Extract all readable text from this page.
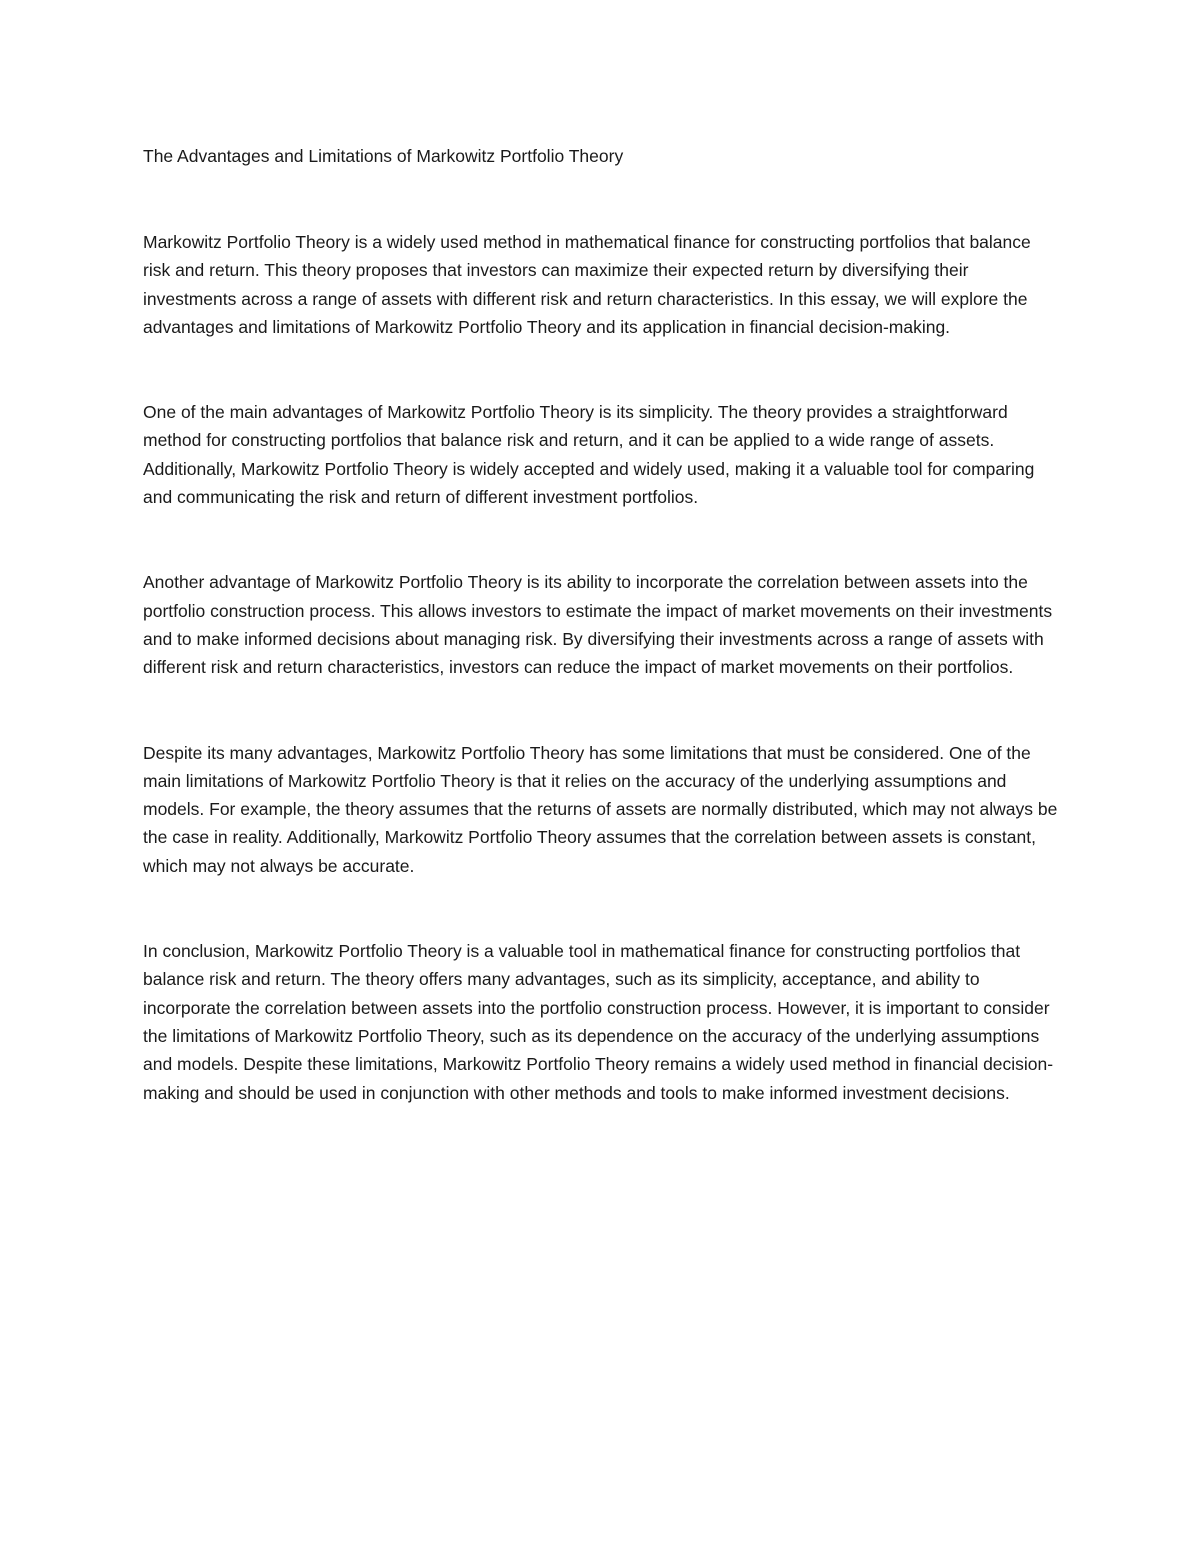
The Advantages and Limitations of Markowitz Portfolio Theory

Markowitz Portfolio Theory is a widely used method in mathematical finance for constructing portfolios that balance risk and return. This theory proposes that investors can maximize their expected return by diversifying their investments across a range of assets with different risk and return characteristics. In this essay, we will explore the advantages and limitations of Markowitz Portfolio Theory and its application in financial decision-making.

One of the main advantages of Markowitz Portfolio Theory is its simplicity. The theory provides a straightforward method for constructing portfolios that balance risk and return, and it can be applied to a wide range of assets. Additionally, Markowitz Portfolio Theory is widely accepted and widely used, making it a valuable tool for comparing and communicating the risk and return of different investment portfolios.

Another advantage of Markowitz Portfolio Theory is its ability to incorporate the correlation between assets into the portfolio construction process. This allows investors to estimate the impact of market movements on their investments and to make informed decisions about managing risk. By diversifying their investments across a range of assets with different risk and return characteristics, investors can reduce the impact of market movements on their portfolios.

Despite its many advantages, Markowitz Portfolio Theory has some limitations that must be considered. One of the main limitations of Markowitz Portfolio Theory is that it relies on the accuracy of the underlying assumptions and models. For example, the theory assumes that the returns of assets are normally distributed, which may not always be the case in reality. Additionally, Markowitz Portfolio Theory assumes that the correlation between assets is constant, which may not always be accurate.

In conclusion, Markowitz Portfolio Theory is a valuable tool in mathematical finance for constructing portfolios that balance risk and return. The theory offers many advantages, such as its simplicity, acceptance, and ability to incorporate the correlation between assets into the portfolio construction process. However, it is important to consider the limitations of Markowitz Portfolio Theory, such as its dependence on the accuracy of the underlying assumptions and models. Despite these limitations, Markowitz Portfolio Theory remains a widely used method in financial decision-making and should be used in conjunction with other methods and tools to make informed investment decisions.
